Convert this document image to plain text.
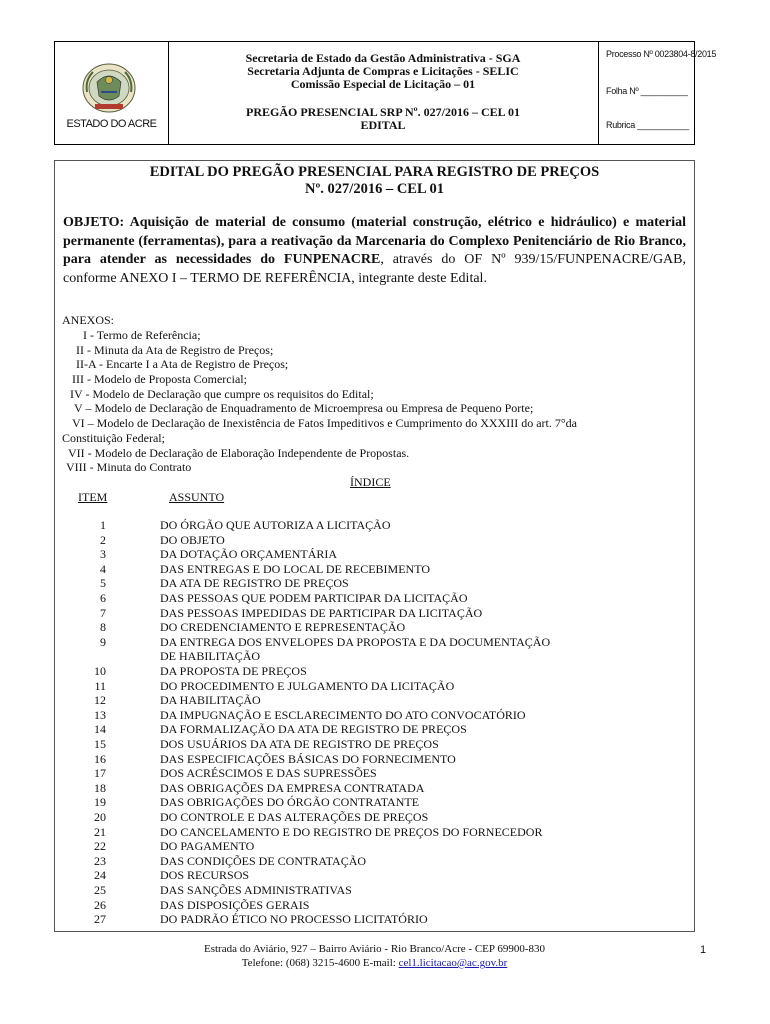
ESTADO DO ACRE
Secretaria de Estado da Gestão Administrativa - SGA
Secretaria Adjunta de Compras e Licitações - SELIC
Comissão Especial de Licitação – 01
PREGÃO PRESENCIAL SRP Nº. 027/2016 – CEL 01
EDITAL
Processo Nº 0023804-8/2015
Folha Nº __________
Rubrica ___________
EDITAL DO PREGÃO PRESENCIAL PARA REGISTRO DE PREÇOS
Nº. 027/2016 – CEL 01
OBJETO: Aquisição de material de consumo (material construção, elétrico e hidráulico) e material permanente (ferramentas), para a reativação da Marcenaria do Complexo Penitenciário de Rio Branco, para atender as necessidades do FUNPENACRE, através do OF Nº 939/15/FUNPENACRE/GAB, conforme ANEXO I – TERMO DE REFERÊNCIA, integrante deste Edital.
ANEXOS:
I - Termo de Referência;
II - Minuta da Ata de Registro de Preços;
II-A - Encarte I a Ata de Registro de Preços;
III - Modelo de Proposta Comercial;
IV - Modelo de Declaração que cumpre os requisitos do Edital;
V – Modelo de Declaração de Enquadramento de Microempresa ou Empresa de Pequeno Porte;
VI – Modelo de Declaração de Inexistência de Fatos Impeditivos e Cumprimento do XXXIII do art. 7°da
Constituição Federal;
VII - Modelo de Declaração de Elaboração Independente de Propostas.
VIII - Minuta do Contrato
ÍNDICE
ITEM	ASSUNTO
1	DO ÓRGÃO QUE AUTORIZA A LICITAÇÃO
2	DO OBJETO
3	DA DOTAÇÃO ORÇAMENTÁRIA
4	DAS ENTREGAS E DO LOCAL DE RECEBIMENTO
5	DA ATA DE REGISTRO DE PREÇOS
6	DAS PESSOAS QUE PODEM PARTICIPAR DA LICITAÇÃO
7	DAS PESSOAS IMPEDIDAS DE PARTICIPAR DA LICITAÇÃO
8	DO CREDENCIAMENTO E REPRESENTAÇÃO
9	DA ENTREGA DOS ENVELOPES DA PROPOSTA E DA DOCUMENTAÇÃO
DE HABILITAÇÃO
10	DA PROPOSTA DE PREÇOS
11	DO PROCEDIMENTO E JULGAMENTO DA LICITAÇÃO
12	DA HABILITAÇÃO
13	DA IMPUGNAÇÃO E ESCLARECIMENTO DO ATO CONVOCATÓRIO
14	DA FORMALIZAÇÃO DA ATA DE REGISTRO DE PREÇOS
15	DOS USUÁRIOS DA ATA DE REGISTRO DE PREÇOS
16	DAS ESPECIFICAÇÕES BÁSICAS DO FORNECIMENTO
17	DOS ACRÉSCIMOS E DAS SUPRESSÕES
18	DAS OBRIGAÇÕES DA EMPRESA CONTRATADA
19	DAS OBRIGAÇÕES DO ÓRGÃO CONTRATANTE
20	DO CONTROLE E DAS ALTERAÇÕES DE PREÇOS
21	DO CANCELAMENTO E DO REGISTRO DE PREÇOS DO FORNECEDOR
22	DO PAGAMENTO
23	DAS CONDIÇÕES DE CONTRATAÇÃO
24	DOS RECURSOS
25	DAS SANÇÕES ADMINISTRATIVAS
26	DAS DISPOSIÇÕES GERAIS
27	DO PADRÃO ÉTICO NO PROCESSO LICITATÓRIO
Estrada do Aviário, 927 – Bairro Aviário - Rio Branco/Acre - CEP 69900-830
Telefone: (068) 3215-4600 E-mail: cel1.licitacao@ac.gov.br
1
